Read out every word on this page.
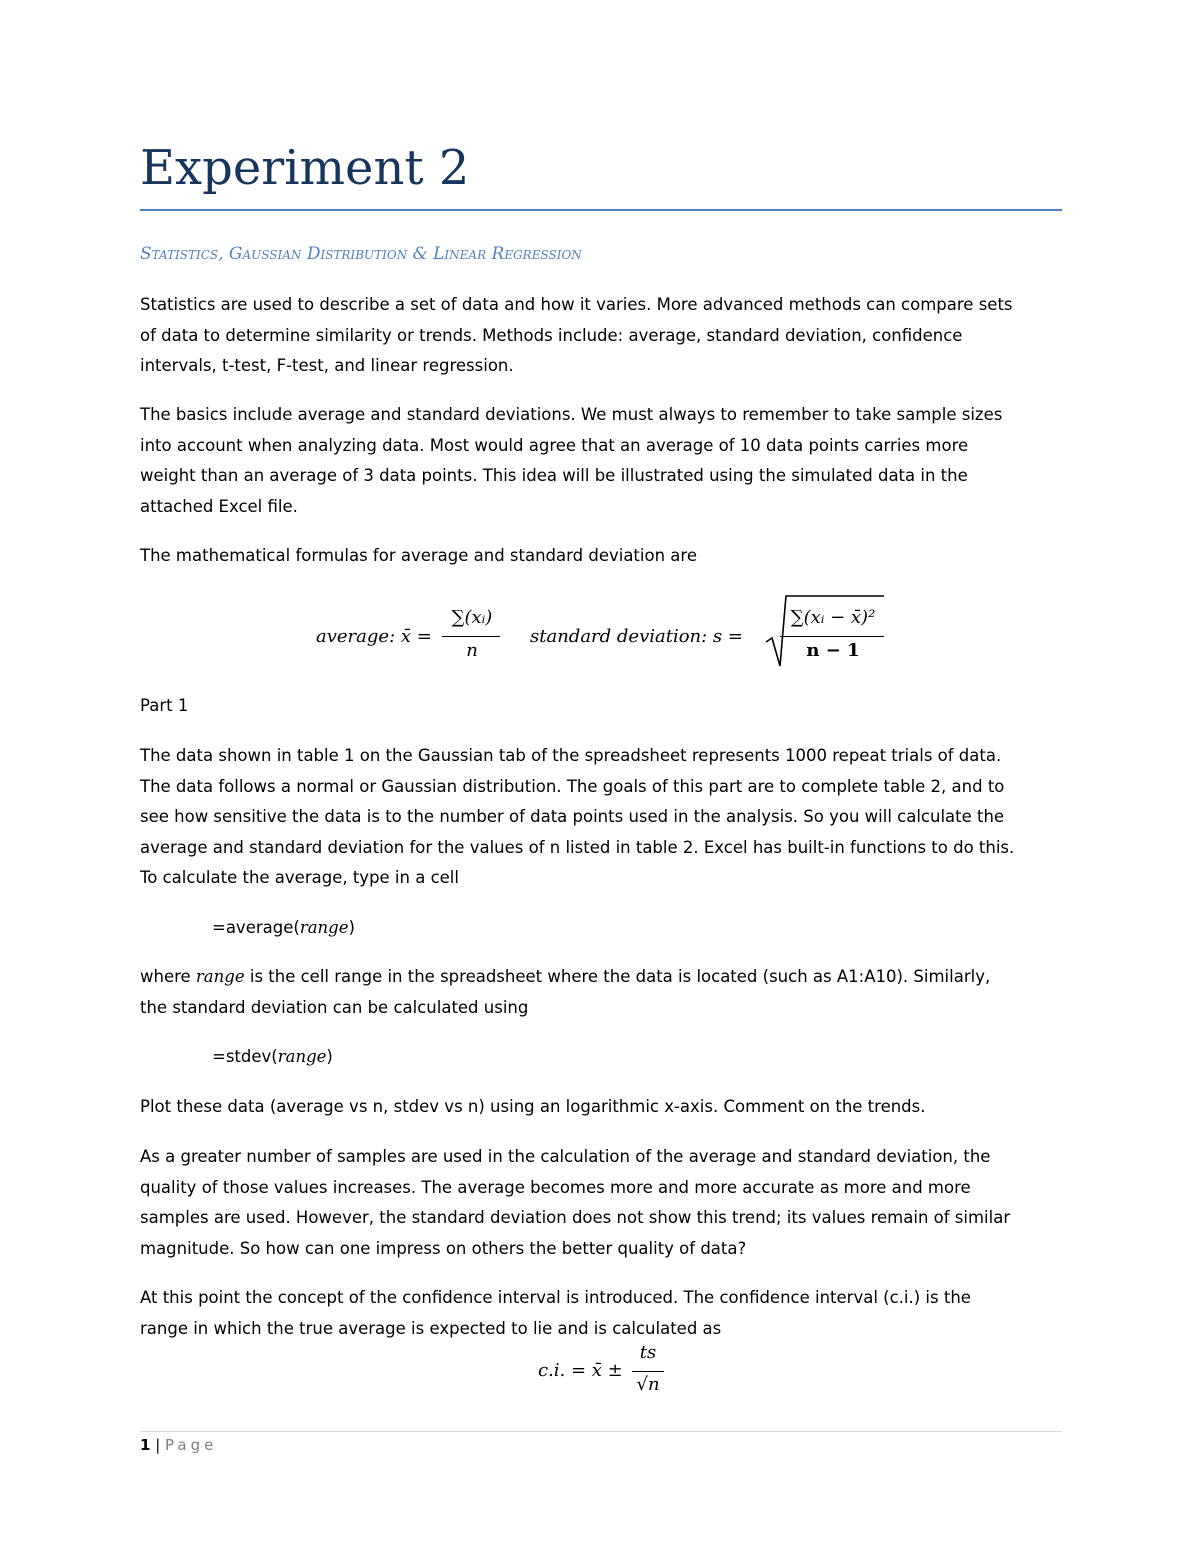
Experiment 2
Statistics, Gaussian Distribution & Linear Regression
Statistics are used to describe a set of data and how it varies. More advanced methods can compare sets
of data to determine similarity or trends. Methods include: average, standard deviation, confidence
intervals, t-test, F-test, and linear regression.
The basics include average and standard deviations. We must always to remember to take sample sizes
into account when analyzing data. Most would agree that an average of 10 data points carries more
weight than an average of 3 data points. This idea will be illustrated using the simulated data in the
attached Excel file.
The mathematical formulas for average and standard deviation are
average: x̄ =
∑(xᵢ)
n
standard deviation: s =
∑(xᵢ − x̄)²
n − 1
Part 1
The data shown in table 1 on the Gaussian tab of the spreadsheet represents 1000 repeat trials of data.
The data follows a normal or Gaussian distribution. The goals of this part are to complete table 2, and to
see how sensitive the data is to the number of data points used in the analysis. So you will calculate the
average and standard deviation for the values of n listed in table 2. Excel has built-in functions to do this.
To calculate the average, type in a cell
=average(range)
where range is the cell range in the spreadsheet where the data is located (such as A1:A10). Similarly,
the standard deviation can be calculated using
=stdev(range)
Plot these data (average vs n, stdev vs n) using an logarithmic x-axis. Comment on the trends.
As a greater number of samples are used in the calculation of the average and standard deviation, the
quality of those values increases. The average becomes more and more accurate as more and more
samples are used. However, the standard deviation does not show this trend; its values remain of similar
magnitude. So how can one impress on others the better quality of data?
At this point the concept of the confidence interval is introduced. The confidence interval (c.i.) is the
range in which the true average is expected to lie and is calculated as
c.i. = x̄ ±
ts
√n
1 | Page
